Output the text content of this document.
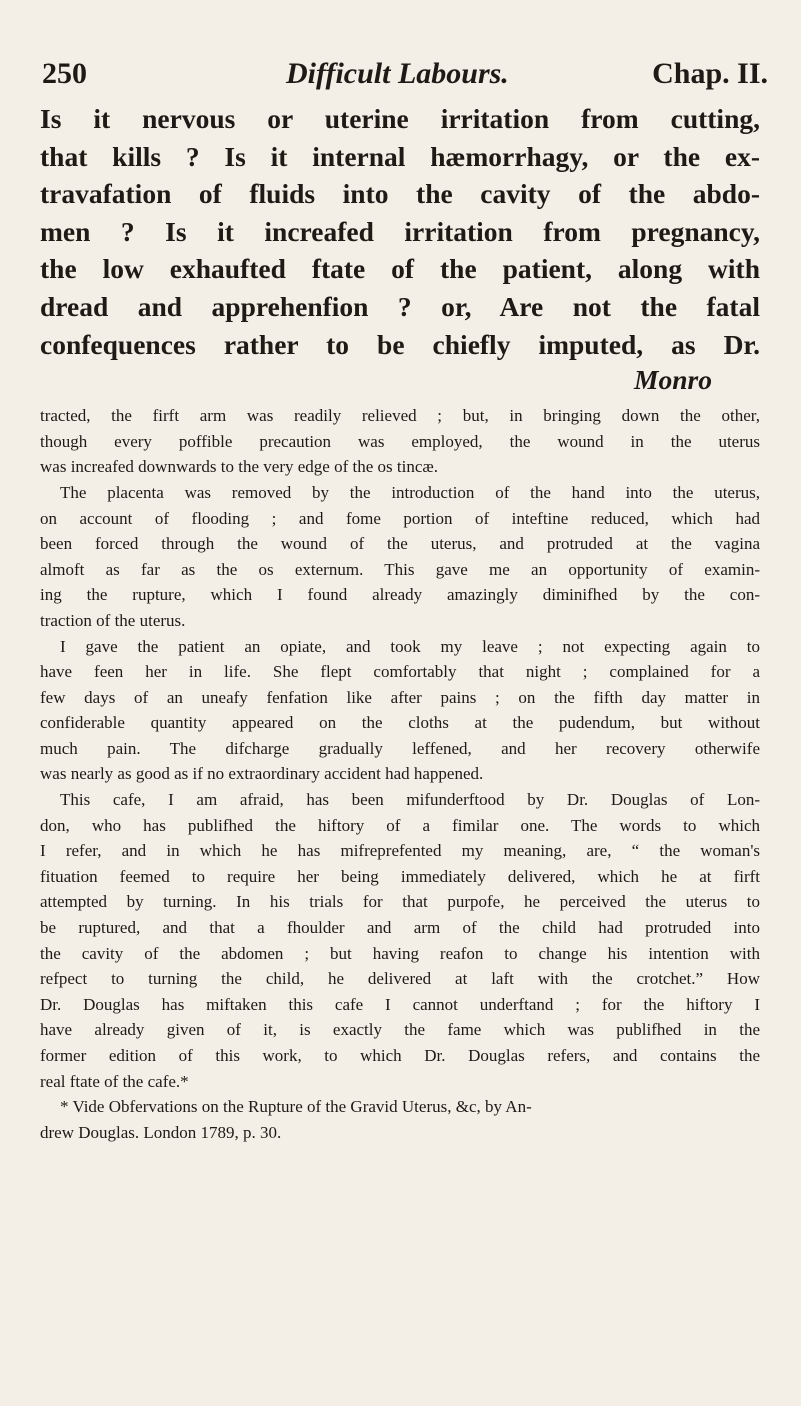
250	Difficult Labours.	Chap. II.

Is it nervous or uterine irritation from cutting,

that kills ? Is it internal hæmorrhagy, or the ex-

travafation of fluids into the cavity of the abdo-

men ? Is it increafed irritation from pregnancy,

the low exhaufted ftate of the patient, along with

dread and apprehenfion ? or, Are not the fatal

confequences rather to be chiefly imputed, as Dr.

Monro

tracted, the firft arm was readily relieved ; but, in bringing down the other,
though every poffible precaution was employed, the wound in the uterus
was increafed downwards to the very edge of the os tincæ.
The placenta was removed by the introduction of the hand into the uterus,
on account of flooding ; and fome portion of inteftine reduced, which had
been forced through the wound of the uterus, and protruded at the vagina
almoft as far as the os externum. This gave me an opportunity of examin-
ing the rupture, which I found already amazingly diminifhed by the con-
traction of the uterus.
I gave the patient an opiate, and took my leave ; not expecting again to
have feen her in life. She flept comfortably that night ; complained for a
few days of an uneafy fenfation like after pains ; on the fifth day matter in
confiderable quantity appeared on the cloths at the pudendum, but without
much pain. The difcharge gradually leffened, and her recovery otherwife
was nearly as good as if no extraordinary accident had happened.
This cafe, I am afraid, has been mifunderftood by Dr. Douglas of Lon-
don, who has publifhed the hiftory of a fimilar one. The words to which
I refer, and in which he has mifreprefented my meaning, are, “ the woman's
fituation feemed to require her being immediately delivered, which he at firft
attempted by turning. In his trials for that purpofe, he perceived the uterus to
be ruptured, and that a fhoulder and arm of the child had protruded into
the cavity of the abdomen ; but having reafon to change his intention with
refpect to turning the child, he delivered at laft with the crotchet.” How
Dr. Douglas has miftaken this cafe I cannot underftand ; for the hiftory I
have already given of it, is exactly the fame which was publifhed in the
former edition of this work, to which Dr. Douglas refers, and contains the
real ftate of the cafe.*
* Vide Obfervations on the Rupture of the Gravid Uterus, &c, by An-
drew Douglas. London 1789, p. 30.
